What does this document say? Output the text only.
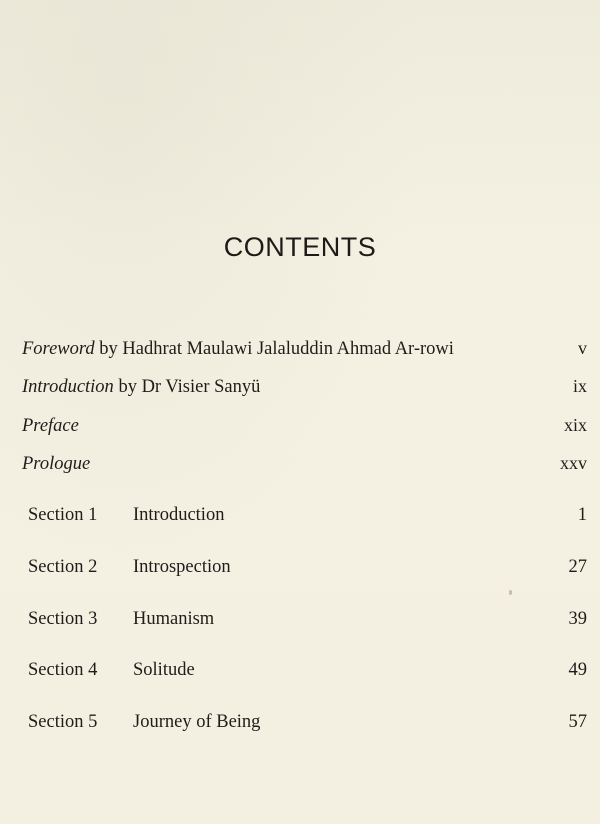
CONTENTS
Foreword by Hadhrat Maulawi Jalaluddin Ahmad Ar-rowi	v
Introduction by Dr Visier Sanyü	ix
Preface	xix
Prologue	xxv
Section 1	Introduction	1
Section 2	Introspection	27
Section 3	Humanism	39
Section 4	Solitude	49
Section 5	Journey of Being	57
